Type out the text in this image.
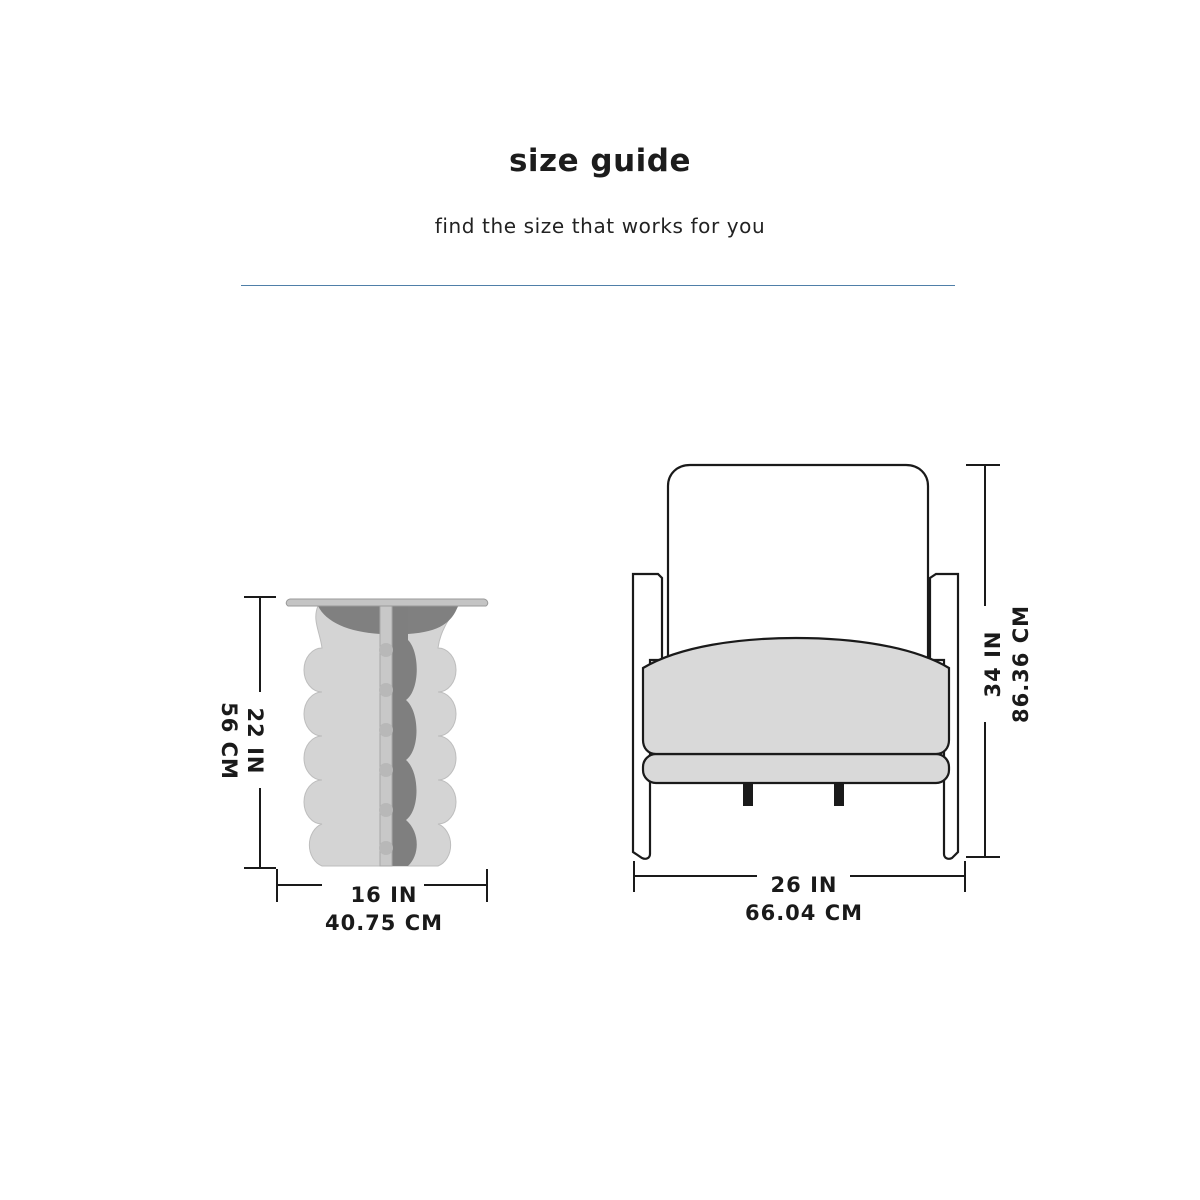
size guide
find the size that works for you
22 IN
56 CM
16 IN
40.75 CM
34 IN 86.36 CM
26 IN
66.04 CM
